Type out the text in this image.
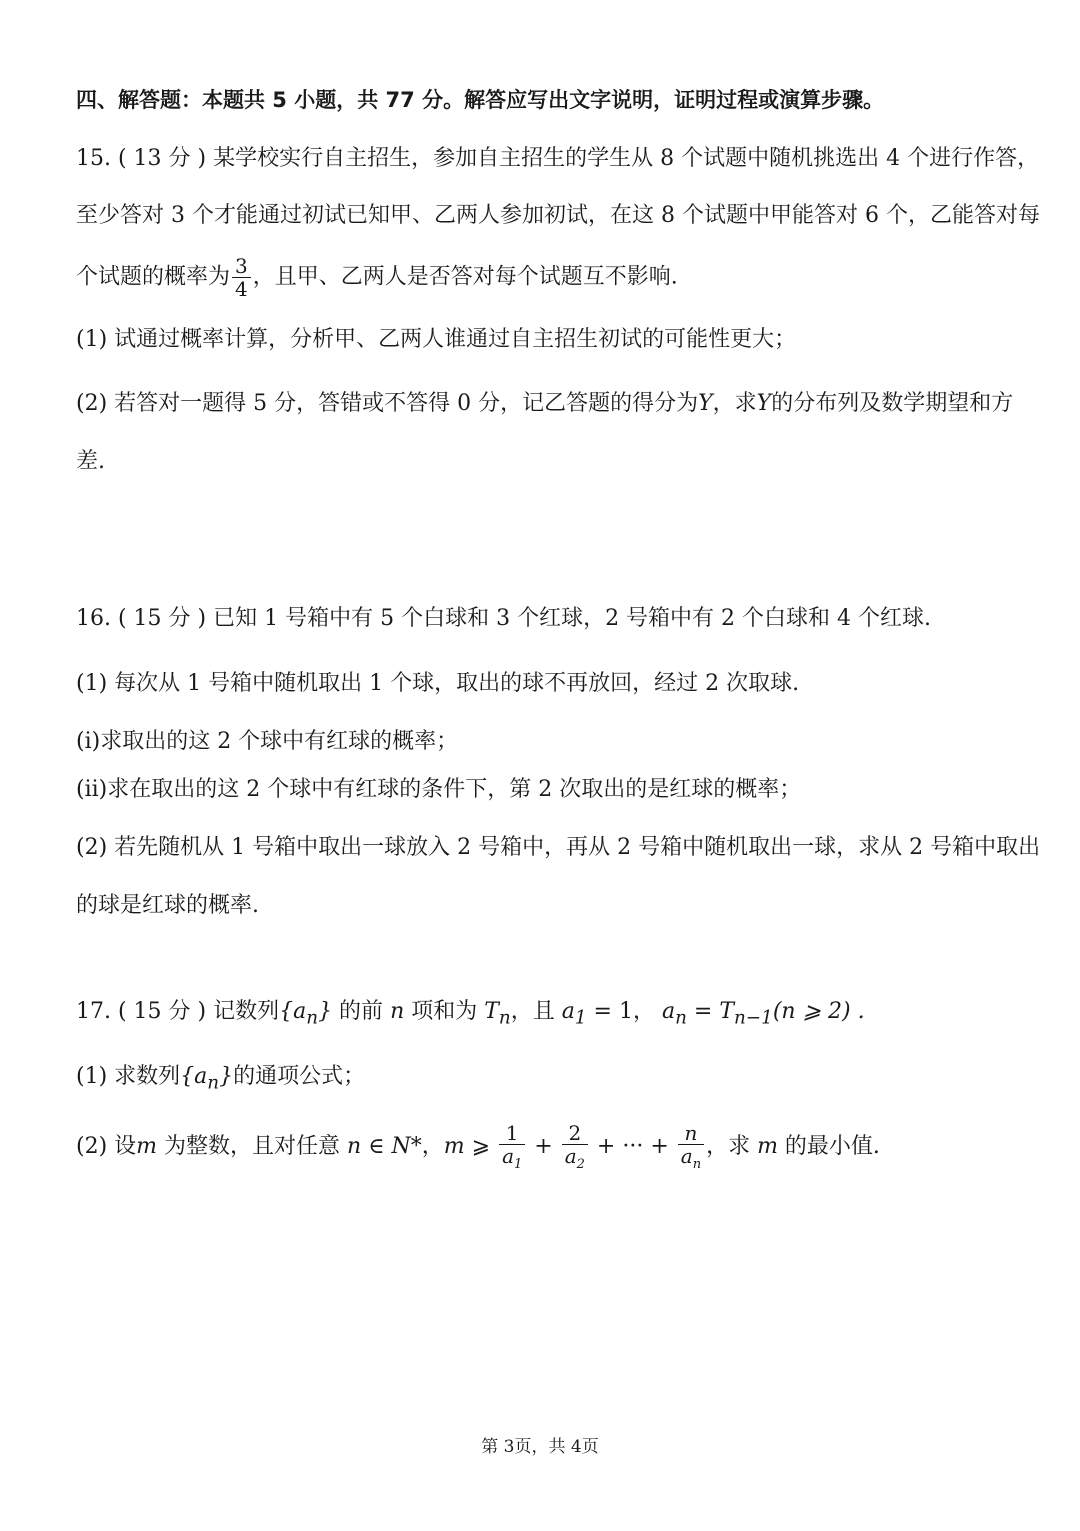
四、解答题：本题共 5 小题，共 77 分。解答应写出文字说明，证明过程或演算步骤。
15. ( 13 分 ) 某学校实行自主招生，参加自主招生的学生从 8 个试题中随机挑选出 4 个进行作答，
至少答对 3 个才能通过初试已知甲、乙两人参加初试，在这 8 个试题中甲能答对 6 个，乙能答对每
个试题的概率为 $\frac{3}{4}$ ，且甲、乙两人是否答对每个试题互不影响.
(1) 试通过概率计算，分析甲、乙两人谁通过自主招生初试的可能性更大；
(2) 若答对一题得 5 分，答错或不答得 0 分，记乙答题的得分为Y，求Y的分布列及数学期望和方
差.
16. ( 15 分 ) 已知 1 号箱中有 5 个白球和 3 个红球，2 号箱中有 2 个白球和 4 个红球.
(1) 每次从 1 号箱中随机取出 1 个球，取出的球不再放回，经过 2 次取球.
(i)求取出的这 2 个球中有红球的概率；
(ii)求在取出的这 2 个球中有红球的条件下，第 2 次取出的是红球的概率；
(2) 若先随机从 1 号箱中取出一球放入 2 号箱中，再从 2 号箱中随机取出一球，求从 2 号箱中取出
的球是红球的概率.
17. ( 15 分 ) 记数列$\{a_n\}$ 的前 n 项和为 $T_n$，且 $a_1 = 1$， $a_n = T_{n-1}(n$ ⩾ 2) .
(1) 求数列$\{a_n\}$的通项公式；
(2) 设m 为整数，且对任意 n ∈ N*，m ⩾ $\frac{1}{a_1} + \frac{2}{a_2}$ + ··· + $\frac{n}{a_n}$ ，求 m 的最小值.
第 3页，共 4页
